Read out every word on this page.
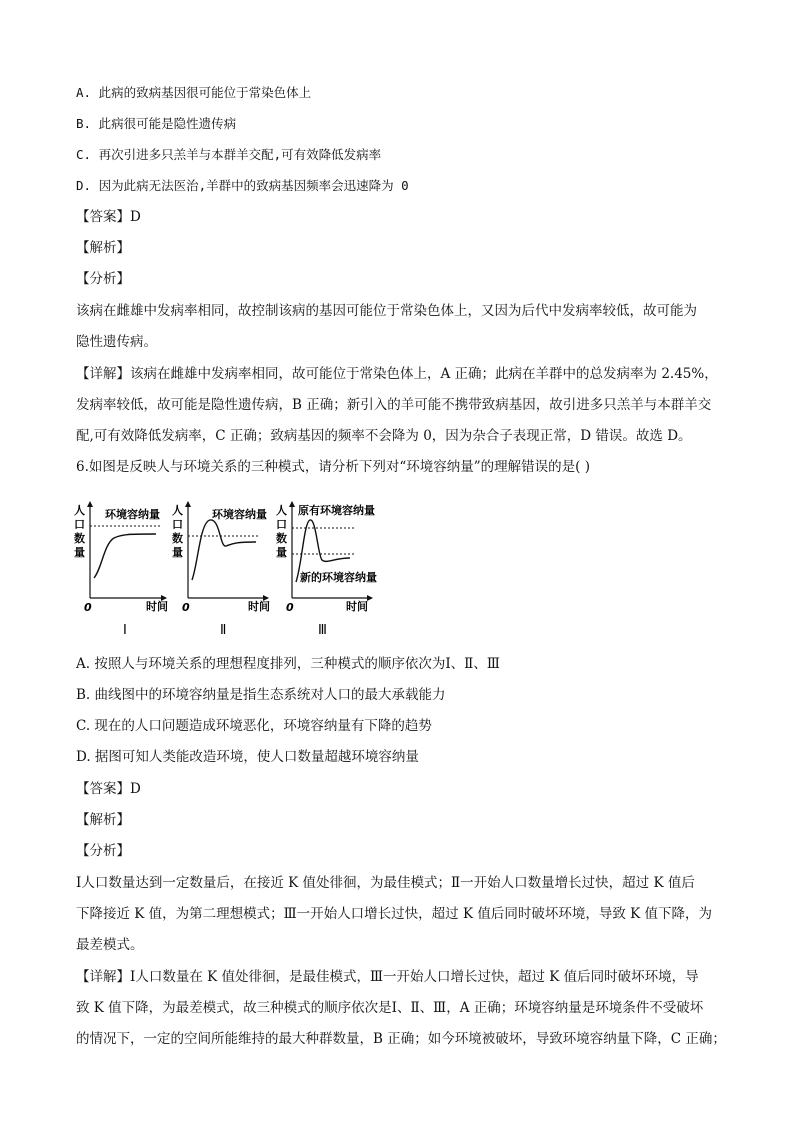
A. 此病的致病基因很可能位于常染色体上
B. 此病很可能是隐性遗传病
C. 再次引进多只羔羊与本群羊交配,可有效降低发病率
D. 因为此病无法医治,羊群中的致病基因频率会迅速降为 0
【答案】D
【解析】
【分析】
该病在雌雄中发病率相同，故控制该病的基因可能位于常染色体上，又因为后代中发病率较低，故可能为
隐性遗传病。
【详解】该病在雌雄中发病率相同，故可能位于常染色体上，A 正确；此病在羊群中的总发病率为 2.45%，
发病率较低，故可能是隐性遗传病，B 正确；新引入的羊可能不携带致病基因，故引进多只羔羊与本群羊交
配,可有效降低发病率，C 正确；致病基因的频率不会降为 0，因为杂合子表现正常，D 错误。故选 D。
6.如图是反映人与环境关系的三种模式，请分析下列对“环境容纳量”的理解错误的是( )
人
口
数
量
环境容纳量
0	时间
Ⅰ
人
口
数
量
环境容纳量
0	时间
Ⅱ
人
口
数
量
原有环境容纳量
新的环境容纳量
0	时间
Ⅲ
A. 按照人与环境关系的理想程度排列，三种模式的顺序依次为Ⅰ、Ⅱ、Ⅲ
B. 曲线图中的环境容纳量是指生态系统对人口的最大承载能力
C. 现在的人口问题造成环境恶化，环境容纳量有下降的趋势
D. 据图可知人类能改造环境，使人口数量超越环境容纳量
【答案】D
【解析】
【分析】
Ⅰ人口数量达到一定数量后，在接近 K 值处徘徊，为最佳模式；Ⅱ一开始人口数量增长过快，超过 K 值后
下降接近 K 值，为第二理想模式；Ⅲ一开始人口增长过快，超过 K 值后同时破坏环境，导致 K 值下降，为
最差模式。
【详解】Ⅰ人口数量在 K 值处徘徊，是最佳模式，Ⅲ一开始人口增长过快，超过 K 值后同时破坏环境，导
致 K 值下降，为最差模式，故三种模式的顺序依次是Ⅰ、Ⅱ、Ⅲ，A 正确；环境容纳量是环境条件不受破坏
的情况下，一定的空间所能维持的最大种群数量，B 正确；如今环境被破坏，导致环境容纳量下降，C 正确；
